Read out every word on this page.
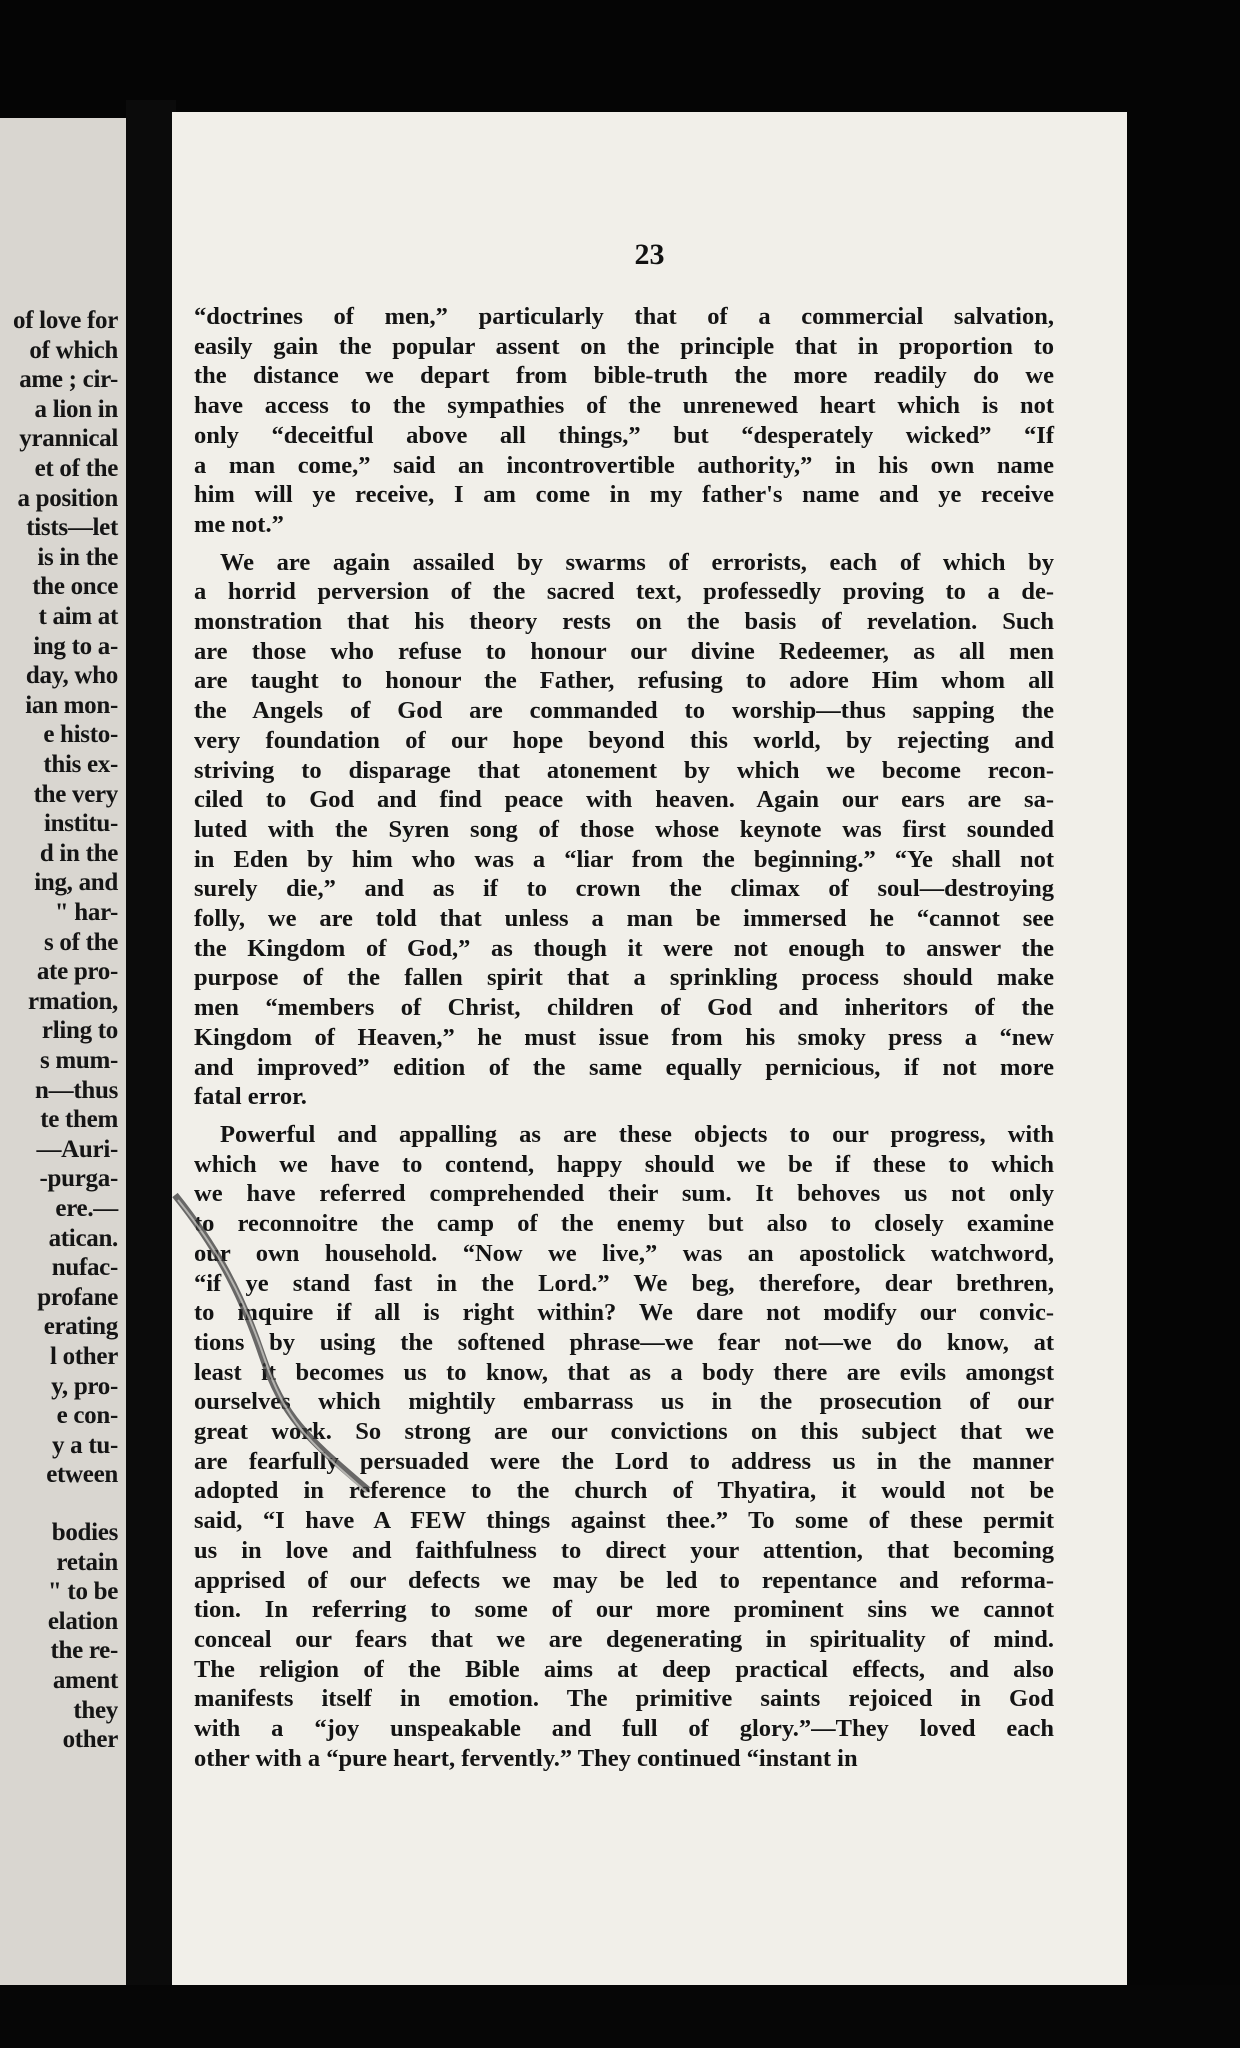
of love for
of which
ame ; cir-
a lion in
yrannical
et of the
a position
tists—let
is in the
the once
t aim at
ing to a-
day, who
ian mon-
e histo-
this ex-
the very
institu-
d in the
ing, and
" har-
s of the
ate pro-
rmation,
rling to
s mum-
n—thus
te them
—Auri-
-purga-
ere.—
atican.
nufac-
profane
erating
l other
y, pro-
e con-
y a tu-
etween
bodies
retain
" to be
elation
the re-
ament
they
other
23
“doctrines of men,” particularly that of a commercial salvation,
easily gain the popular assent on the principle that in proportion to
the distance we depart from bible-truth the more readily do we
have access to the sympathies of the unrenewed heart which is not
only “deceitful above all things,” but “desperately wicked” “If
a man come,” said an incontrovertible authority,” in his own name
him will ye receive, I am come in my father's name and ye receive
me not.”
We are again assailed by swarms of errorists, each of which by
a horrid perversion of the sacred text, professedly proving to a de-
monstration that his theory rests on the basis of revelation. Such
are those who refuse to honour our divine Redeemer, as all men
are taught to honour the Father, refusing to adore Him whom all
the Angels of God are commanded to worship—thus sapping the
very foundation of our hope beyond this world, by rejecting and
striving to disparage that atonement by which we become recon-
ciled to God and find peace with heaven. Again our ears are sa-
luted with the Syren song of those whose keynote was first sounded
in Eden by him who was a “liar from the beginning.” “Ye shall not
surely die,” and as if to crown the climax of soul—destroying
folly, we are told that unless a man be immersed he “cannot see
the Kingdom of God,” as though it were not enough to answer the
purpose of the fallen spirit that a sprinkling process should make
men “members of Christ, children of God and inheritors of the
Kingdom of Heaven,” he must issue from his smoky press a “new
and improved” edition of the same equally pernicious, if not more
fatal error.
Powerful and appalling as are these objects to our progress, with
which we have to contend, happy should we be if these to which
we have referred comprehended their sum. It behoves us not only
to reconnoitre the camp of the enemy but also to closely examine
our own household. “Now we live,” was an apostolick watchword,
“if ye stand fast in the Lord.” We beg, therefore, dear brethren,
to inquire if all is right within? We dare not modify our convic-
tions by using the softened phrase—we fear not—we do know, at
least it becomes us to know, that as a body there are evils amongst
ourselves which mightily embarrass us in the prosecution of our
great work. So strong are our convictions on this subject that we
are fearfully persuaded were the Lord to address us in the manner
adopted in reference to the church of Thyatira, it would not be
said, “I have A FEW things against thee.” To some of these permit
us in love and faithfulness to direct your attention, that becoming
apprised of our defects we may be led to repentance and reforma-
tion. In referring to some of our more prominent sins we cannot
conceal our fears that we are degenerating in spirituality of mind.
The religion of the Bible aims at deep practical effects, and also
manifests itself in emotion. The primitive saints rejoiced in God
with a “joy unspeakable and full of glory.”—They loved each
other with a “pure heart, fervently.” They continued “instant in
